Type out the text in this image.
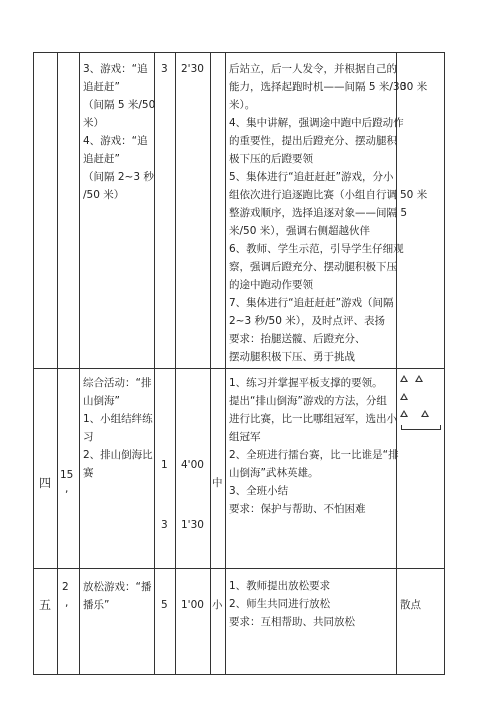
3、游戏：“追
追赶赶”
（间隔 5 米/50
米）
4、游戏：“追
追赶赶”
（间隔 2~3 秒
/50 米）
3 2'30 后站立，后一人发令，并根据自己的
能力，选择起跑时机——间隔 5 米/30
米）。
4、集中讲解，强调途中跑中后蹬动作
的重要性，提出后蹬充分、摆动腿积
极下压的后蹬要领
5、集体进行“追赶赶赶”游戏，分小
组依次进行追逐跑比赛（小组自行调
整游戏顺序，选择追逐对象——间隔 5
米/50 米），强调右侧超越伙伴
6、教师、学生示范，引导学生仔细观
察，强调后蹬充分、摆动腿积极下压
的途中跑动作要领
7、集体进行“追赶赶赶”游戏（间隔
2~3 秒/50 米），及时点评、表扬
要求：抬腿送髋、后蹬充分、
摆动腿积极下压、勇于挑战
30 米
50 米
四
15
,
综合活动：“排
山倒海”
1、小组结绊练
习
2、排山倒海比
赛
1
3
4'00
1'30
中
1、练习并掌握平板支撑的要领。
提出“排山倒海”游戏的方法，分组
进行比赛，比一比哪组冠军，选出小
组冠军
2、全班进行擂台赛，比一比谁是“排
山倒海”武林英雄。
3、全班小结
要求：保护与帮助、不怕困难
五
2
,
放松游戏：“播
播乐”	5 1'00 小
1、教师提出放松要求
2、师生共同进行放松
要求：互相帮助、共同放松
散点
